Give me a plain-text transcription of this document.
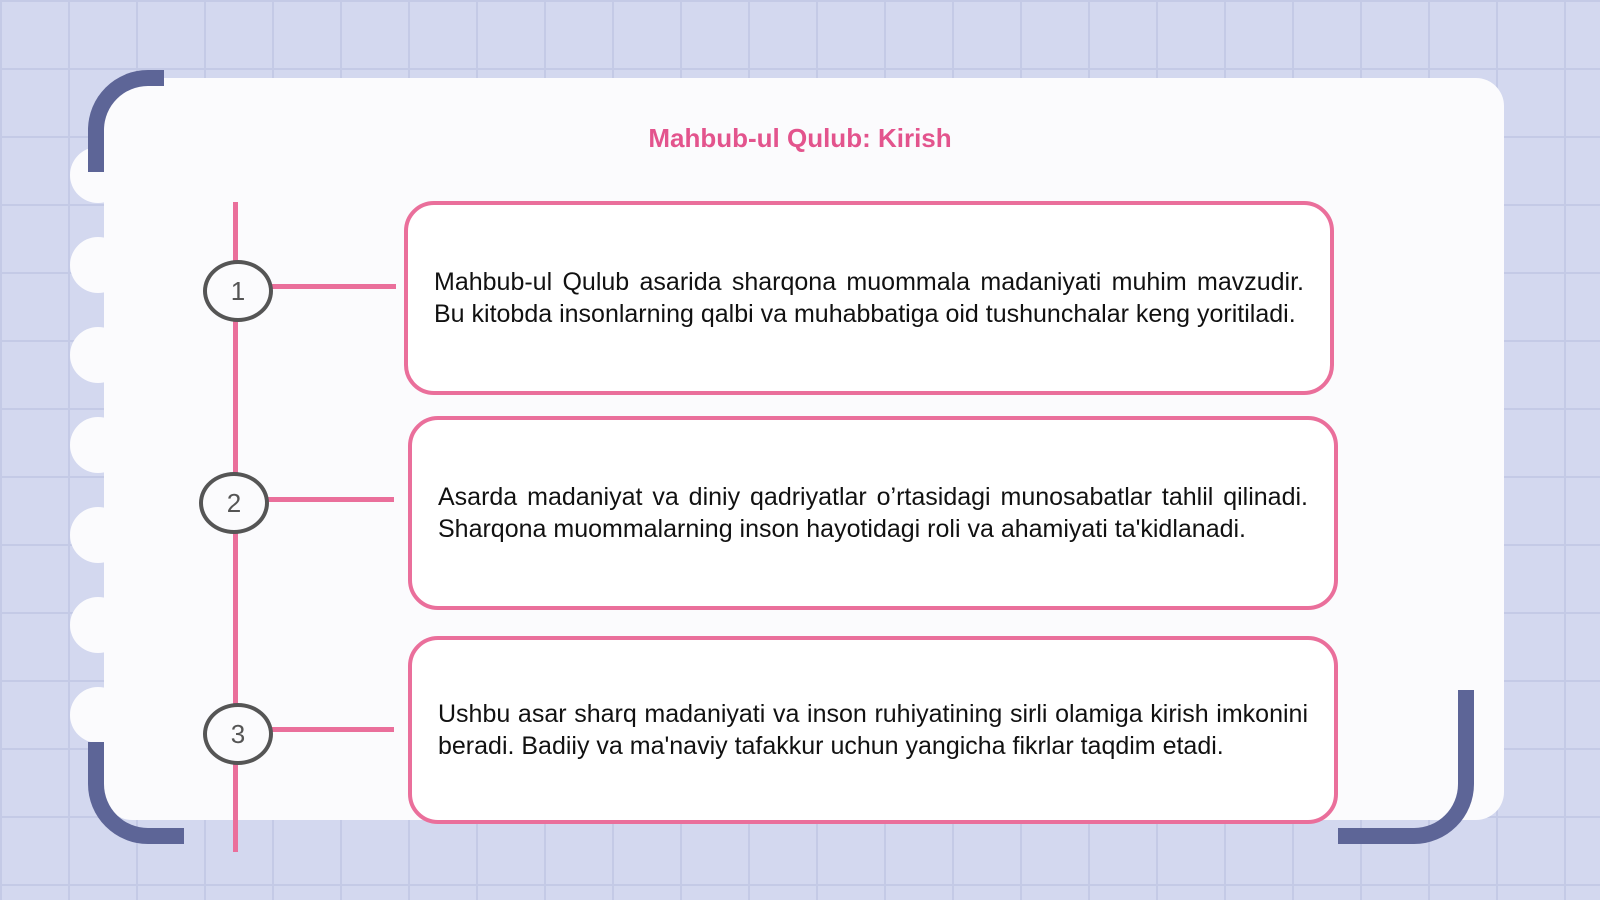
Mahbub-ul Qulub: Kirish
1
2
3

Mahbub-ul Qulub asarida sharqona muommala madaniyati muhim mavzudir. Bu kitobda insonlarning qalbi va muhabbatiga oid tushunchalar keng yoritiladi.

Asarda madaniyat va diniy qadriyatlar o’rtasidagi munosabatlar tahlil qilinadi. Sharqona muommalarning inson hayotidagi roli va ahamiyati ta'kidlanadi.

Ushbu asar sharq madaniyati va inson ruhiyatining sirli olamiga kirish imkonini beradi. Badiiy va ma'naviy tafakkur uchun yangicha fikrlar taqdim etadi.
